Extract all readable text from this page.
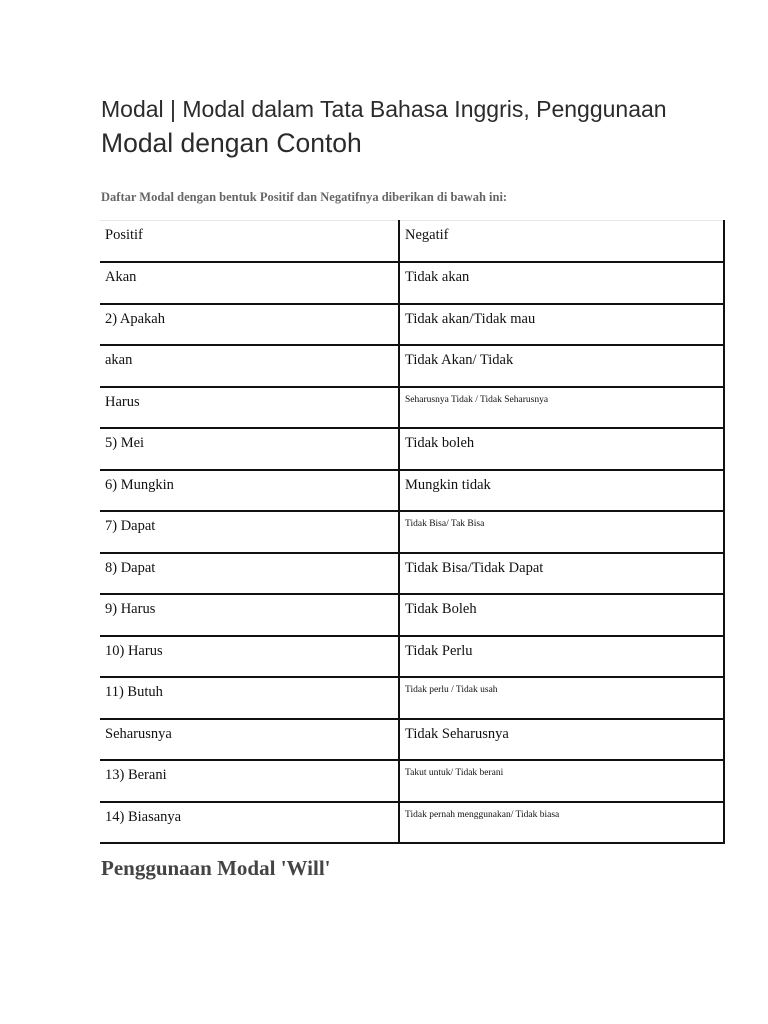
Modal | Modal dalam Tata Bahasa Inggris, Penggunaan
Modal dengan Contoh

Daftar Modal dengan bentuk Positif dan Negatifnya diberikan di bawah ini:

Positif	Negatif
Akan	Tidak akan
2) Apakah	Tidak akan/Tidak mau
akan	Tidak Akan/ Tidak
Harus	Seharusnya Tidak / Tidak Seharusnya
5) Mei	Tidak boleh
6) Mungkin	Mungkin tidak
7) Dapat	Tidak Bisa/ Tak Bisa
8) Dapat	Tidak Bisa/Tidak Dapat
9) Harus	Tidak Boleh
10) Harus	Tidak Perlu
11) Butuh	Tidak perlu / Tidak usah
Seharusnya	Tidak Seharusnya
13) Berani	Takut untuk/ Tidak berani
14) Biasanya	Tidak pernah menggunakan/ Tidak biasa
Penggunaan Modal 'Will'
